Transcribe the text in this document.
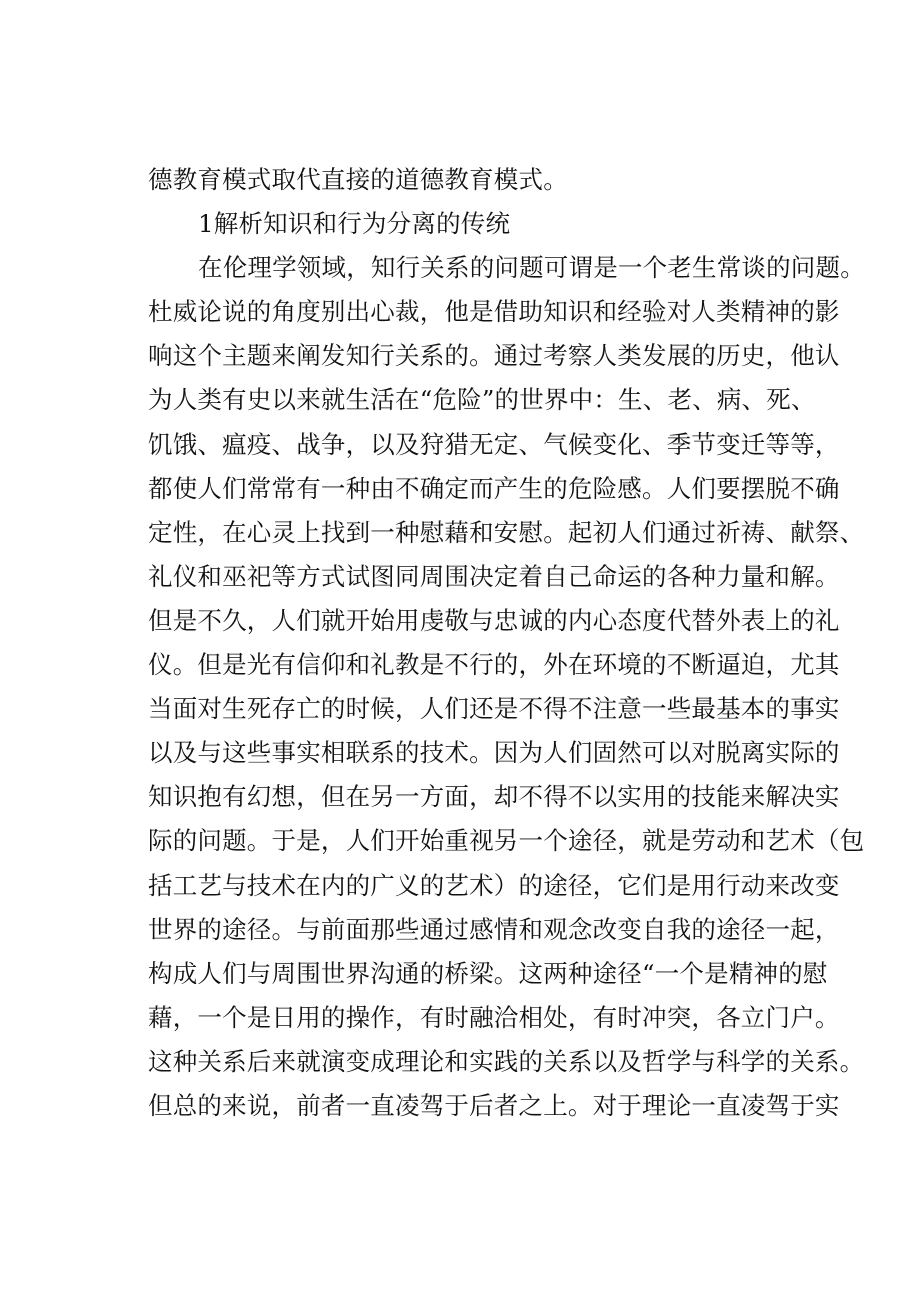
德教育模式取代直接的道德教育模式。
1解析知识和行为分离的传统
在伦理学领域，知行关系的问题可谓是一个老生常谈的问题。
杜威论说的角度别出心裁，他是借助知识和经验对人类精神的影
响这个主题来阐发知行关系的。通过考察人类发展的历史，他认
为人类有史以来就生活在“危险”的世界中：生、老、病、死、
饥饿、瘟疫、战争，以及狩猎无定、气候变化、季节变迁等等，
都使人们常常有一种由不确定而产生的危险感。人们要摆脱不确
定性，在心灵上找到一种慰藉和安慰。起初人们通过祈祷、献祭、
礼仪和巫祀等方式试图同周围决定着自己命运的各种力量和解。
但是不久，人们就开始用虔敬与忠诚的内心态度代替外表上的礼
仪。但是光有信仰和礼教是不行的，外在环境的不断逼迫，尤其
当面对生死存亡的时候，人们还是不得不注意一些最基本的事实
以及与这些事实相联系的技术。因为人们固然可以对脱离实际的
知识抱有幻想，但在另一方面，却不得不以实用的技能来解决实
际的问题。于是，人们开始重视另一个途径，就是劳动和艺术（包
括工艺与技术在内的广义的艺术）的途径，它们是用行动来改变
世界的途径。与前面那些通过感情和观念改变自我的途径一起，
构成人们与周围世界沟通的桥梁。这两种途径“一个是精神的慰
藉，一个是日用的操作，有时融洽相处，有时冲突，各立门户。
这种关系后来就演变成理论和实践的关系以及哲学与科学的关系。
但总的来说，前者一直凌驾于后者之上。对于理论一直凌驾于实
